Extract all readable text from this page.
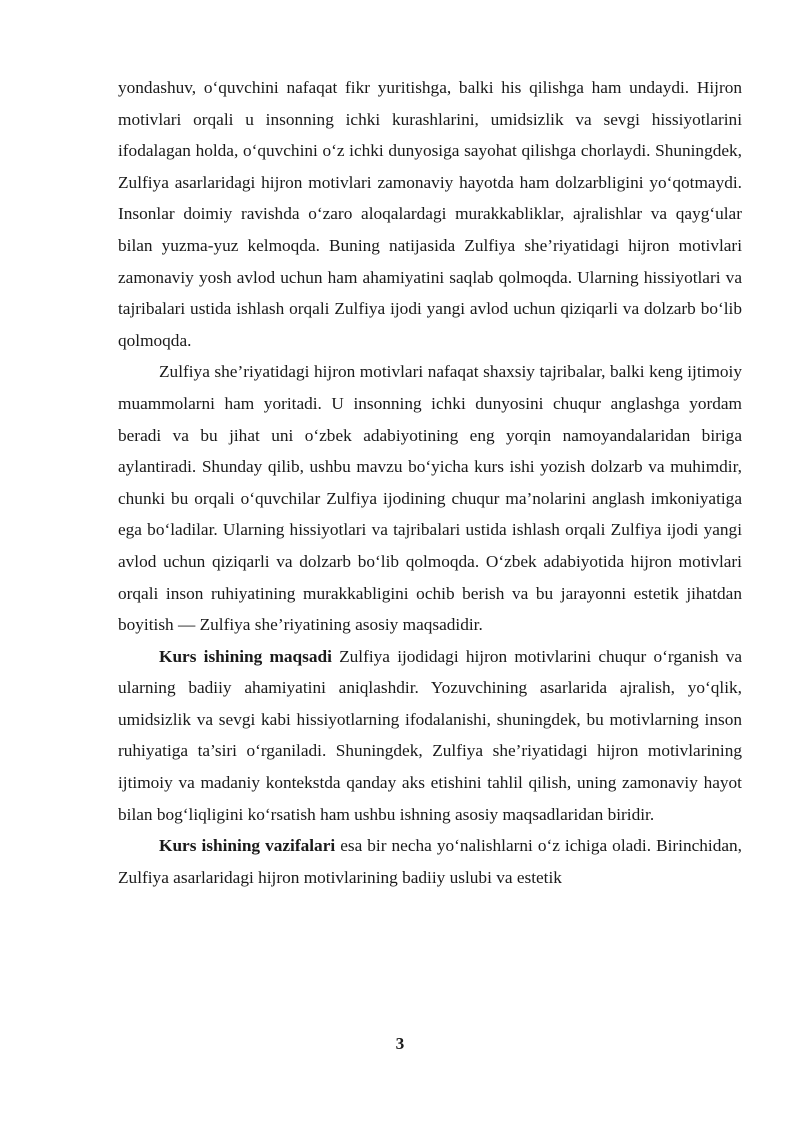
yondashuv, o‘quvchini nafaqat fikr yuritishga, balki his qilishga ham undaydi. Hijron motivlari orqali u insonning ichki kurashlarini, umidsizlik va sevgi hissiyotlarini ifodalagan holda, o‘quvchini o‘z ichki dunyosiga sayohat qilishga chorlaydi. Shuningdek, Zulfiya asarlaridagi hijron motivlari zamonaviy hayotda ham dolzarbligini yo‘qotmaydi. Insonlar doimiy ravishda o‘zaro aloqalardagi murakkabliklar, ajralishlar va qayg‘ular bilan yuzma-yuz kelmoqda. Buning natijasida Zulfiya she’riyatidagi hijron motivlari zamonaviy yosh avlod uchun ham ahamiyatini saqlab qolmoqda. Ularning hissiyotlari va tajribalari ustida ishlash orqali Zulfiya ijodi yangi avlod uchun qiziqarli va dolzarb bo‘lib qolmoqda.

Zulfiya she’riyatidagi hijron motivlari nafaqat shaxsiy tajribalar, balki keng ijtimoiy muammolarni ham yoritadi. U insonning ichki dunyosini chuqur anglashga yordam beradi va bu jihat uni o‘zbek adabiyotining eng yorqin namoyandalaridan biriga aylantiradi. Shunday qilib, ushbu mavzu bo‘yicha kurs ishi yozish dolzarb va muhimdir, chunki bu orqali o‘quvchilar Zulfiya ijodining chuqur ma’nolarini anglash imkoniyatiga ega bo‘ladilar. Ularning hissiyotlari va tajribalari ustida ishlash orqali Zulfiya ijodi yangi avlod uchun qiziqarli va dolzarb bo‘lib qolmoqda. O‘zbek adabiyotida hijron motivlari orqali inson ruhiyatining murakkabligini ochib berish va bu jarayonni estetik jihatdan boyitish — Zulfiya she’riyatining asosiy maqsadidir.

Kurs ishining maqsadi Zulfiya ijodidagi hijron motivlarini chuqur o‘rganish va ularning badiiy ahamiyatini aniqlashdir. Yozuvchining asarlarida ajralish, yo‘qlik, umidsizlik va sevgi kabi hissiyotlarning ifodalanishi, shuningdek, bu motivlarning inson ruhiyatiga ta’siri o‘rganiladi. Shuningdek, Zulfiya she’riyatidagi hijron motivlarining ijtimoiy va madaniy kontekstda qanday aks etishini tahlil qilish, uning zamonaviy hayot bilan bog‘liqligini ko‘rsatish ham ushbu ishning asosiy maqsadlaridan biridir.

Kurs ishining vazifalari esa bir necha yo‘nalishlarni o‘z ichiga oladi. Birinchidan, Zulfiya asarlaridagi hijron motivlarining badiiy uslubi va estetik

3
